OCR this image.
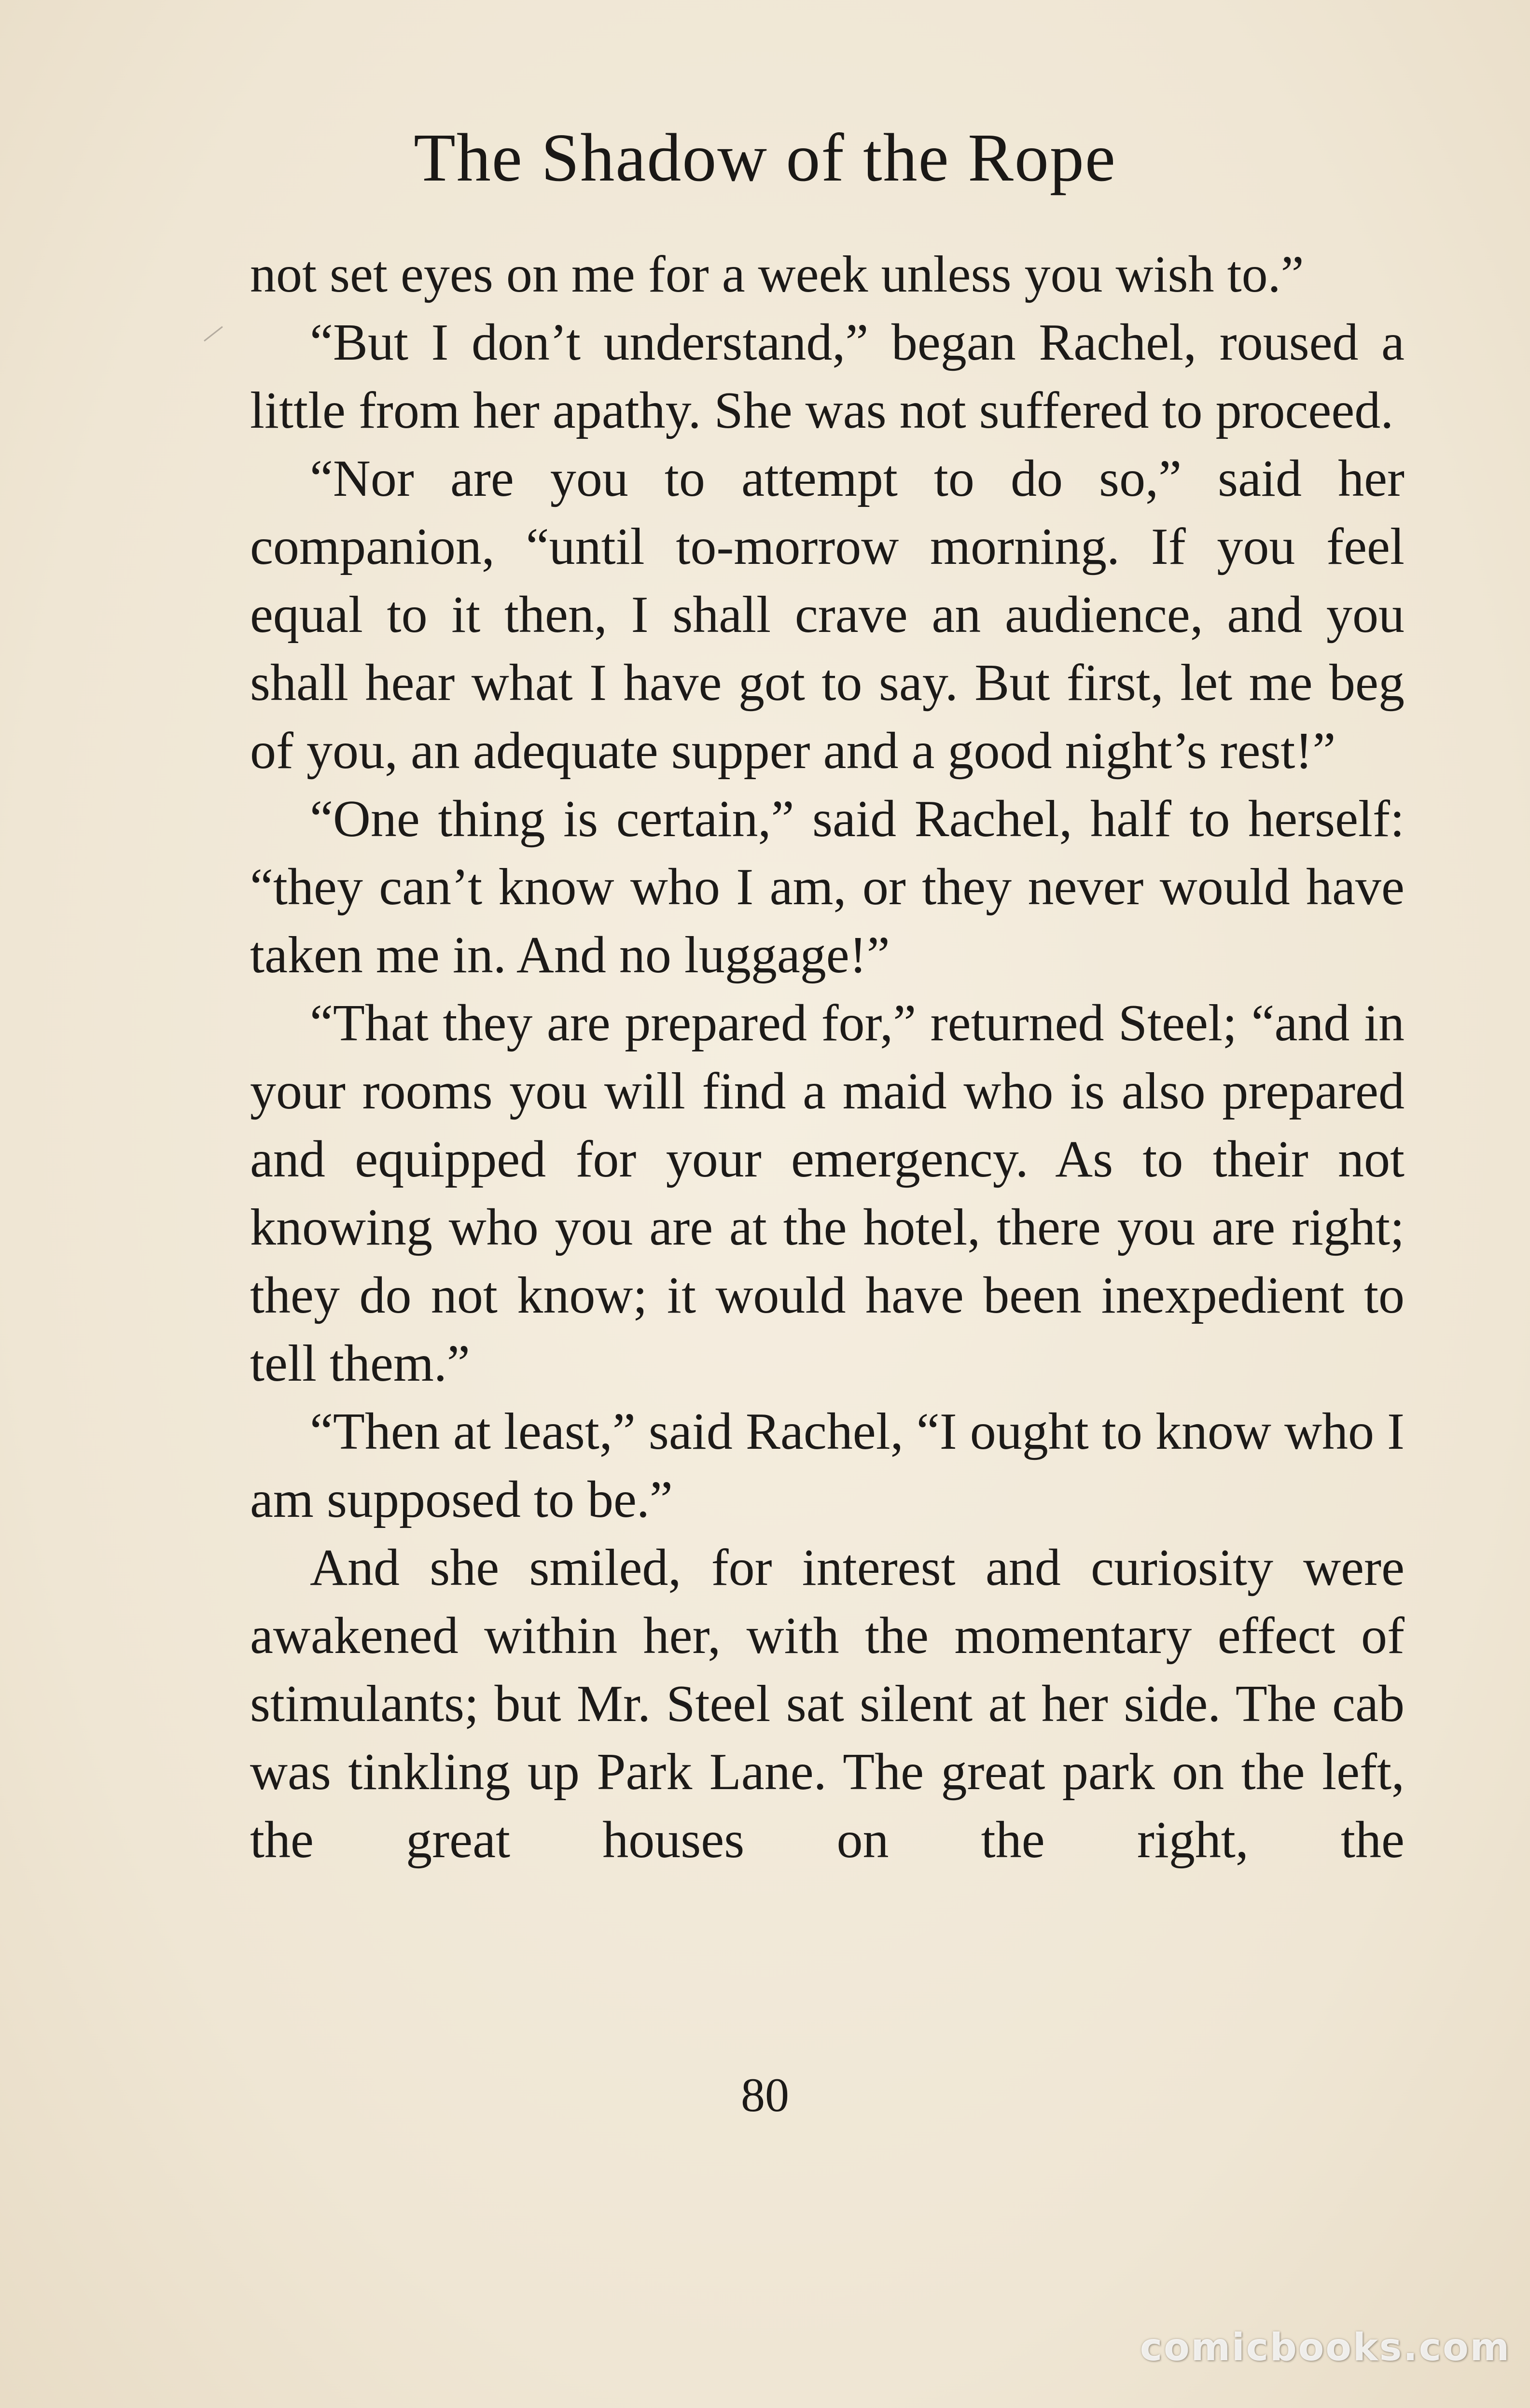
The Shadow of the Rope

not set eyes on me for a week unless you wish to.”

“But I don’t understand,” began Rachel, roused a little from her apathy. She was not suffered to proceed.

“Nor are you to attempt to do so,” said her companion, “until to-morrow morning. If you feel equal to it then, I shall crave an audience, and you shall hear what I have got to say. But first, let me beg of you, an adequate supper and a good night’s rest!”

“One thing is certain,” said Rachel, half to herself: “they can’t know who I am, or they never would have taken me in. And no luggage!”

“That they are prepared for,” returned Steel; “and in your rooms you will find a maid who is also prepared and equipped for your emergency. As to their not knowing who you are at the hotel, there you are right; they do not know; it would have been inexpedient to tell them.”

“Then at least,” said Rachel, “I ought to know who I am supposed to be.”

And she smiled, for interest and curiosity were awakened within her, with the momentary effect of stimulants; but Mr. Steel sat silent at her side. The cab was tinkling up Park Lane. The great park on the left, the great houses on the right, the

80
comicbooks.com
